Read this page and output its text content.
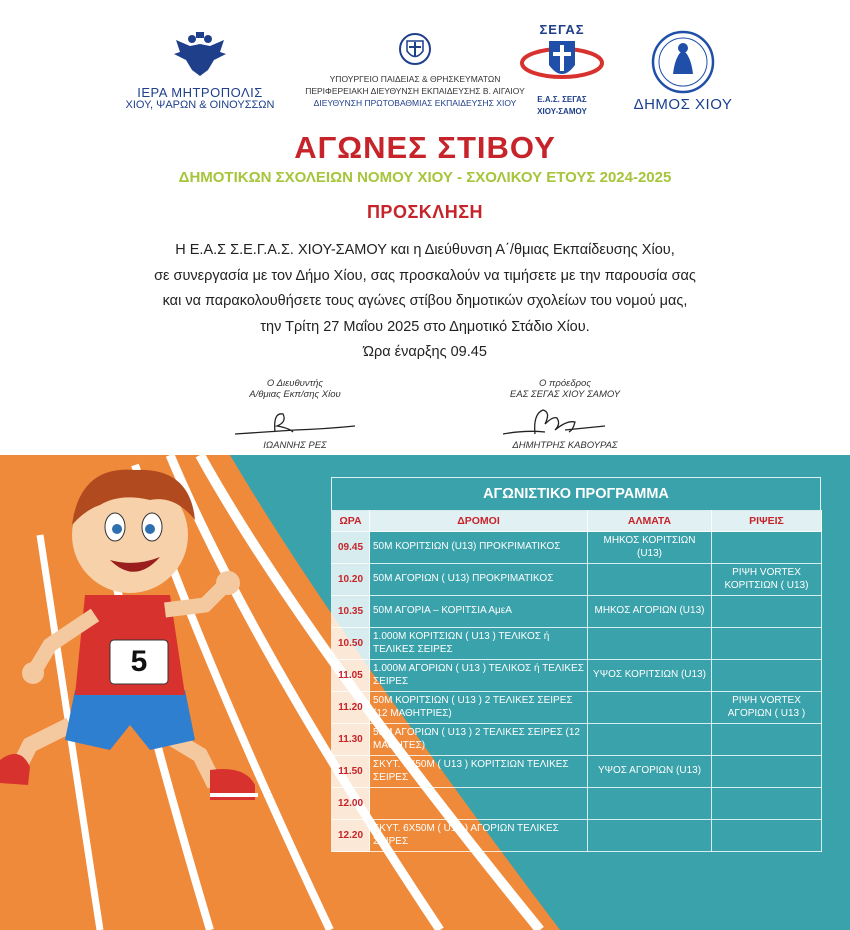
ΙΕΡΑ ΜΗΤΡΟΠΟΛΙΣ
ΧΙΟΥ, ΨΑΡΩΝ & ΟΙΝΟΥΣΣΩΝ
ΥΠΟΥΡΓΕΙΟ ΠΑΙΔΕΙΑΣ & ΘΡΗΣΚΕΥΜΑΤΩΝ
ΠΕΡΙΦΕΡΕΙΑΚΗ ΔΙΕΥΘΥΝΣΗ ΕΚΠΑΙΔΕΥΣΗΣ Β. ΑΙΓΑΙΟΥ
ΔΙΕΥΘΥΝΣΗ ΠΡΩΤΟΒΑΘΜΙΑΣ ΕΚΠΑΙΔΕΥΣΗΣ ΧΙΟΥ
ΣΕΓΑΣ
Ε.Α.Σ. ΣΕΓΑΣ
ΧΙΟΥ-ΣΑΜΟΥ	ΔΗΜΟΣ ΧΙΟΥ
ΑΓΩΝΕΣ ΣΤΙΒΟΥ
ΔΗΜΟΤΙΚΩΝ ΣΧΟΛΕΙΩΝ ΝΟΜΟΥ ΧΙΟΥ - ΣΧΟΛΙΚΟΥ ΕΤΟΥΣ 2024-2025
ΠΡΟΣΚΛΗΣΗ
Η Ε.Α.Σ Σ.Ε.Γ.Α.Σ. ΧΙΟΥ-ΣΑΜΟΥ και η Διεύθυνση Α΄/θμιας Εκπαίδευσης Χίου,
σε συνεργασία με τον Δήμο Χίου, σας προσκαλούν να τιμήσετε με την παρουσία σας
και να παρακολουθήσετε τους αγώνες στίβου δημοτικών σχολείων του νομού μας,
την Τρίτη 27 Μαΐου 2025 στο Δημοτικό Στάδιο Χίου.
Ώρα έναρξης 09.45
Ο Διευθυντής
Α/θμιας Εκπ/σης Χίου
ΙΩΑΝΝΗΣ ΡΕΣ
Ο πρόεδρος
ΕΑΣ ΣΕΓΑΣ ΧΙΟΥ ΣΑΜΟΥ
ΔΗΜΗΤΡΗΣ ΚΑΒΟΥΡΑΣ
5
ΑΓΩΝΙΣΤΙΚΟ ΠΡΟΓΡΑΜΜΑ
ΩΡΑ	ΔΡΟΜΟΙ	ΑΛΜΑΤΑ	ΡΙΨΕΙΣ
09.45	50Μ ΚΟΡΙΤΣΙΩΝ (U13) ΠΡΟΚΡΙΜΑΤΙΚΟΣ	ΜΗΚΟΣ ΚΟΡΙΤΣΙΩΝ (U13)	
10.20	50Μ ΑΓΟΡΙΩΝ ( U13) ΠΡΟΚΡΙΜΑΤΙΚΟΣ		ΡΙΨΗ VORTEX ΚΟΡΙΤΣΙΩΝ ( U13)
10.35	50Μ ΑΓΟΡΙΑ – ΚΟΡΙΤΣΙΑ ΑμεΑ	ΜΗΚΟΣ ΑΓΟΡΙΩΝ (U13)	
10.50	1.000Μ ΚΟΡΙΤΣΙΩΝ ( U13 ) ΤΕΛΙΚΟΣ ή ΤΕΛΙΚΕΣ ΣΕΙΡΕΣ		
11.05	1.000Μ ΑΓΟΡΙΩΝ ( U13 ) ΤΕΛΙΚΟΣ ή ΤΕΛΙΚΕΣ ΣΕΙΡΕΣ	ΥΨΟΣ ΚΟΡΙΤΣΙΩΝ (U13)	
11.20	50Μ ΚΟΡΙΤΣΙΩΝ ( U13 ) 2 ΤΕΛΙΚΕΣ ΣΕΙΡΕΣ (12 ΜΑΘΗΤΡΙΕΣ)		ΡΙΨΗ VORTEX ΑΓΟΡΙΩΝ ( U13 )
11.30	50Μ ΑΓΟΡΙΩΝ ( U13 ) 2 ΤΕΛΙΚΕΣ ΣΕΙΡΕΣ (12 ΜΑΘΗΤΕΣ)		
11.50	ΣΚΥΤ. 6Χ50Μ ( U13 ) ΚΟΡΙΤΣΙΩΝ ΤΕΛΙΚΕΣ ΣΕΙΡΕΣ	ΥΨΟΣ ΑΓΟΡΙΩΝ (U13)	
12.00			
12.20	ΣΚΥΤ. 6Χ50Μ ( U13 ) ΑΓΟΡΙΩΝ ΤΕΛΙΚΕΣ ΣΕΙΡΕΣ		
